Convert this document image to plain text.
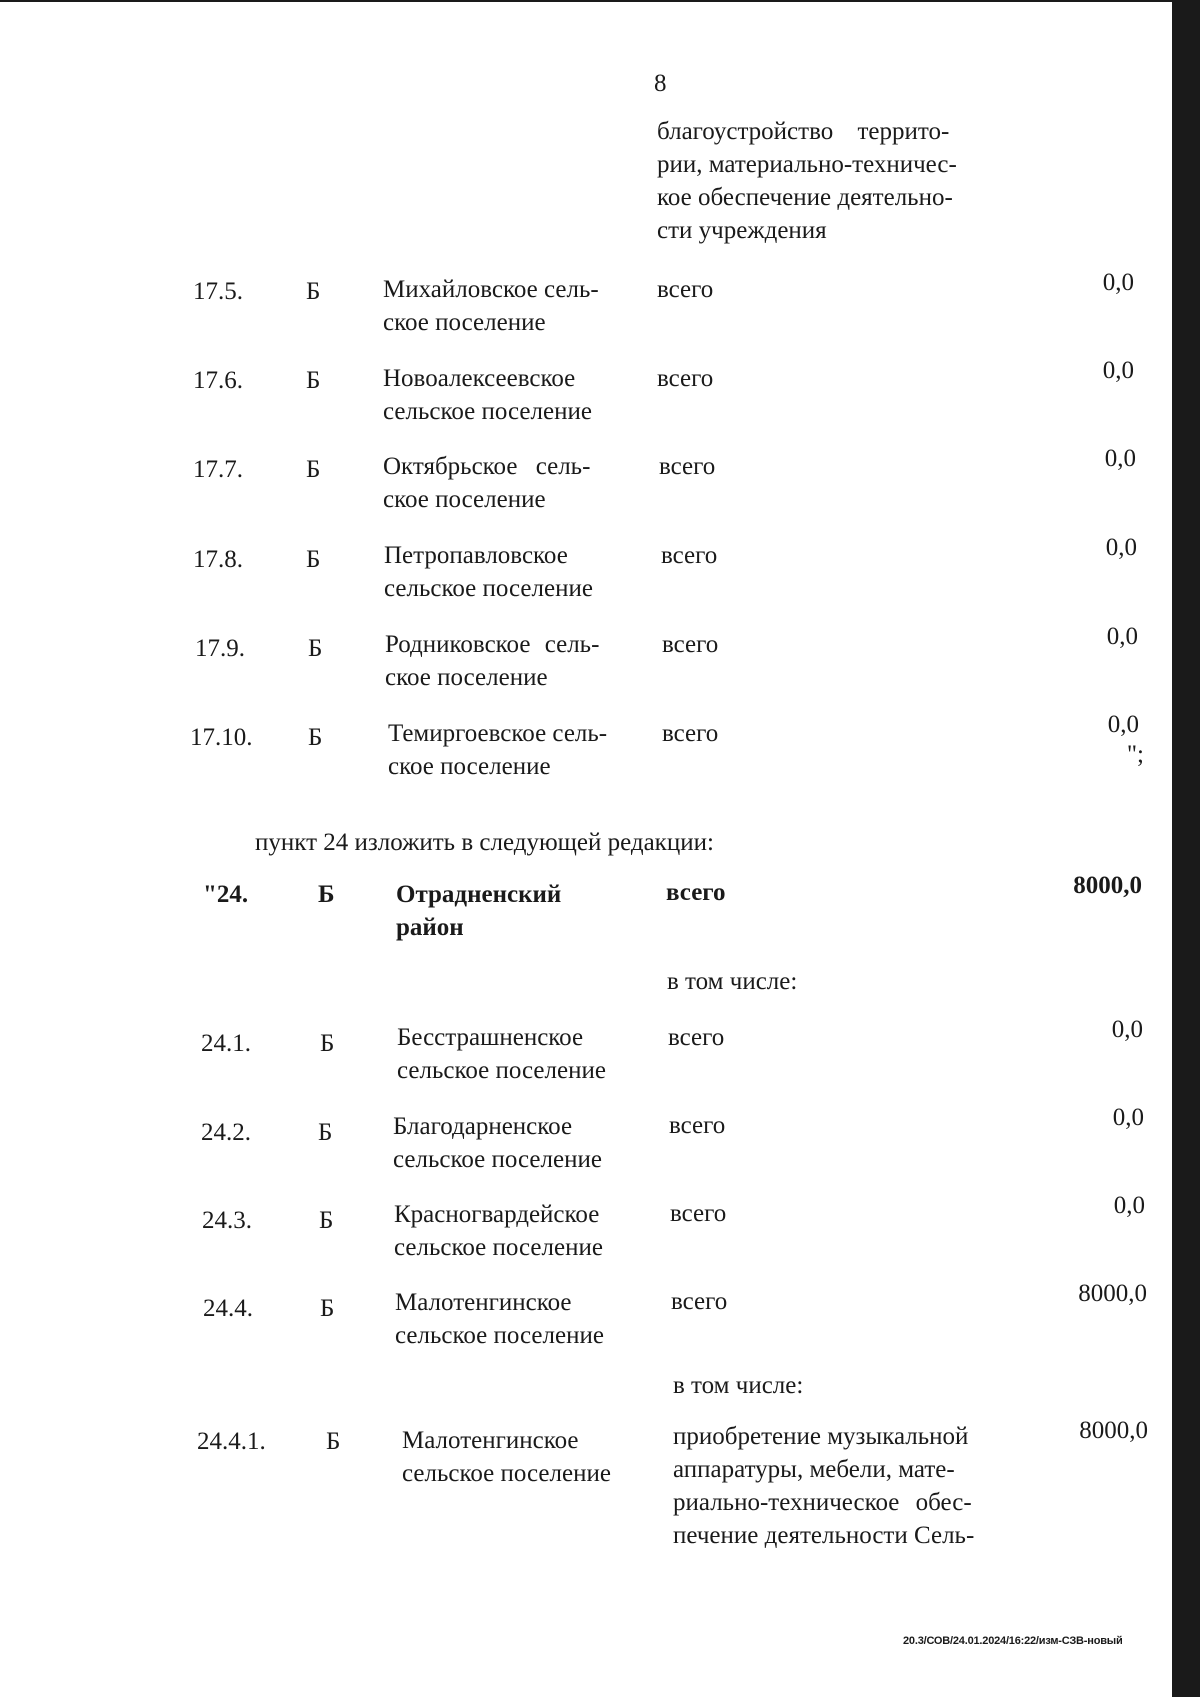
8
благоустройство террито-
рии, материально-техничес-
кое обеспечение деятельно-
сти учреждения
17.5.	Б	Михайловское сель-
ское поселение
всего	0,0
17.6.	Б	Новоалексеевское
сельское поселение
всего	0,0
17.7.	Б	Октябрьское сель-
ское поселение
всего	0,0
17.8.	Б	Петропавловское
сельское поселение
всего	0,0
17.9.	Б	Родниковское сель-
ское поселение
всего	0,0
17.10. Б	Темиргоевское сель-
ское поселение
всего	0,0
";
пункт 24 изложить в следующей редакции:
"24.	Б Отрадненский
район
всего	8000,0
в том числе:
24.1.	Б	Бесстрашненское
сельское поселение
всего	0,0
24.2.	Б Благодарненское
сельское поселение
всего	0,0
24.3.	Б Красногвардейское
сельское поселение
всего	0,0
24.4.	Б Малотенгинское
сельское поселение
всего	8000,0
в том числе:
24.4.1. Б Малотенгинское
сельское поселение
приобретение музыкальной
аппаратуры, мебели, мате-
риально-техническое обес-
печение деятельности Сель-
8000,0
20.3/СОВ/24.01.2024/16:22/изм-СЗВ-новый
